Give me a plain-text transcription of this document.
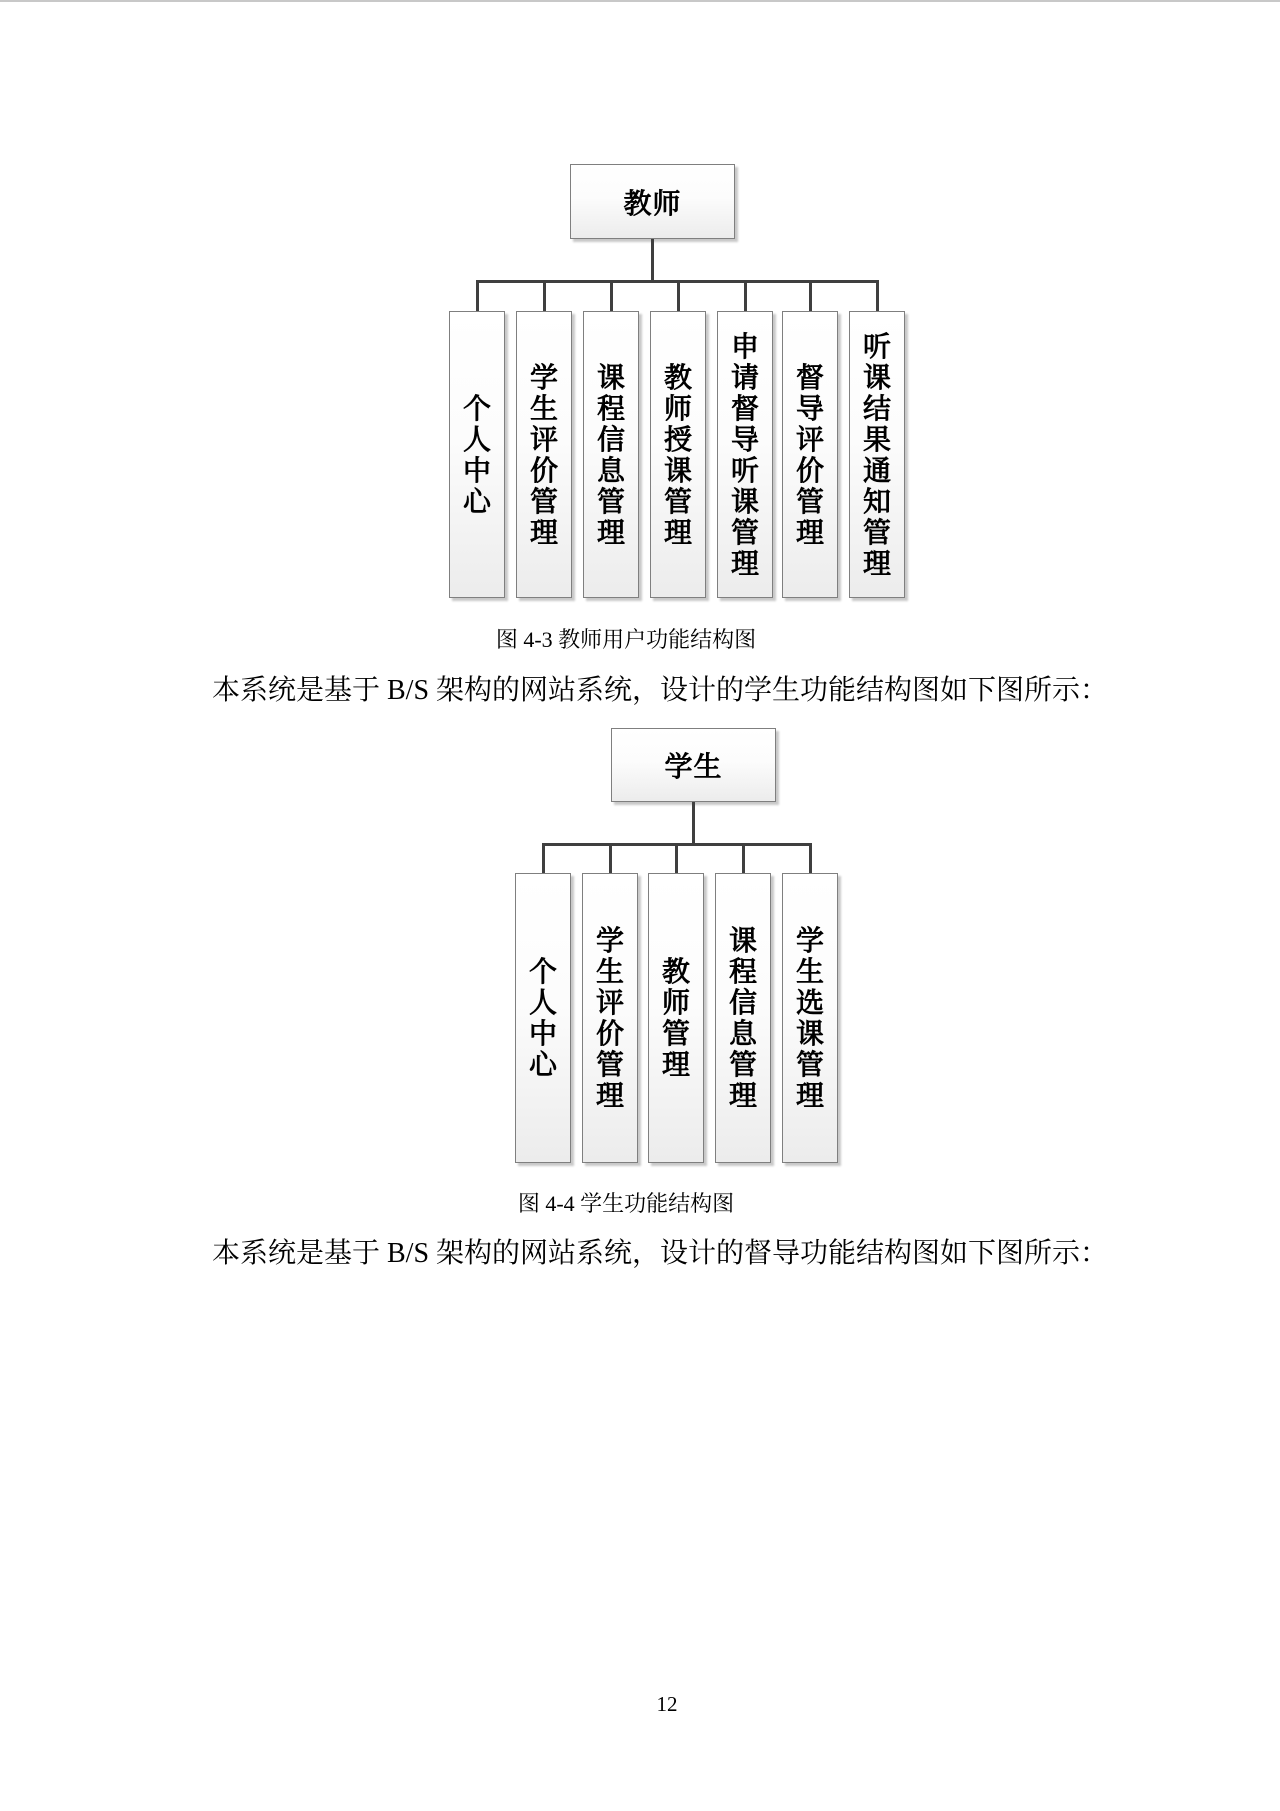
教师
个
人
中
心
学
生
评
价
管
理
课
程
信
息
管
理
教
师
授
课
管
理
申
请
督
导
听
课
管
理
督
导
评
价
管
理
听
课
结
果
通
知
管
理
图 4-3 教师用户功能结构图
本系统是基于 B/S 架构的网站系统，设计的学生功能结构图如下图所示：
学生
个
人
中
心
学
生
评
价
管
理
教
师
管
理
课
程
信
息
管
理
学
生
选
课
管
理
图 4-4 学生功能结构图
本系统是基于 B/S 架构的网站系统，设计的督导功能结构图如下图所示：
12
